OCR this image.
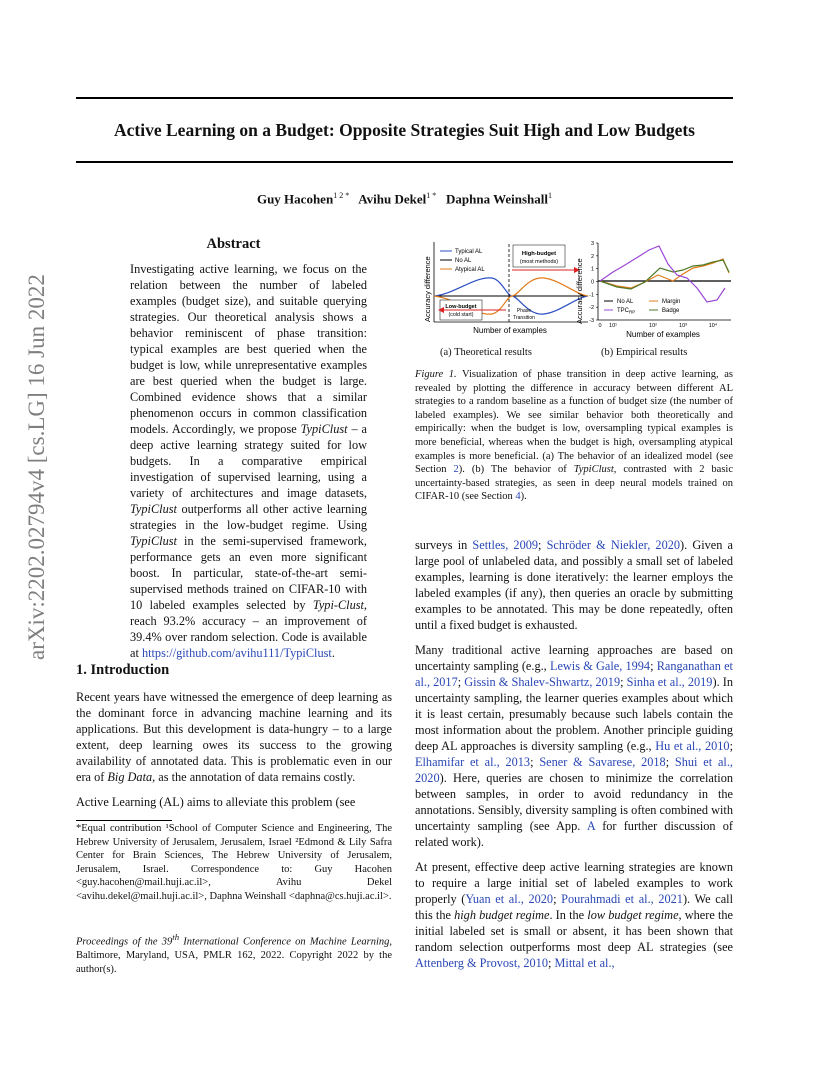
Active Learning on a Budget: Opposite Strategies Suit High and Low Budgets
Guy Hacohen$^{1 2 *}$ Avihu Dekel$^{1 *}$ Daphna Weinshall$^1$
arXiv:2202.02794v4 [cs.LG] 16 Jun 2022
Abstract

Investigating active learning, we focus on the relation between the number of labeled examples (budget size), and suitable querying strategies. Our theoretical analysis shows a behavior reminiscent of phase transition: typical examples are best queried when the budget is low, while unrepresentative examples are best queried when the budget is large. Combined evidence shows that a similar phenomenon occurs in common classification models. Accordingly, we propose TypiClust – a deep active learning strategy suited for low budgets. In a comparative empirical investigation of supervised learning, using a variety of architectures and image datasets, TypiClust outperforms all other active learning strategies in the low-budget regime. Using TypiClust in the semi-supervised framework, performance gets an even more significant boost. In particular, state-of-the-art semi-supervised methods trained on CIFAR-10 with 10 labeled examples selected by Typi-Clust, reach 93.2% accuracy – an improvement of 39.4% over random selection. Code is available at https://github.com/avihu111/TypiClust.

1. Introduction

Recent years have witnessed the emergence of deep learning as the dominant force in advancing machine learning and its applications. But this development is data-hungry – to a large extent, deep learning owes its success to the growing availability of annotated data. This is problematic even in our era of Big Data, as the annotation of data remains costly.

Active Learning (AL) aims to alleviate this problem (see

*Equal contribution ¹School of Computer Science and Engineering, The Hebrew University of Jerusalem, Jerusalem, Israel ²Edmond & Lily Safra Center for Brain Sciences, The Hebrew University of Jerusalem, Jerusalem, Israel. Correspondence to: Guy Hacohen <guy.hacohen@mail.huji.ac.il>, Avihu Dekel <avihu.dekel@mail.huji.ac.il>, Daphna Weinshall <daphna@cs.huji.ac.il>.
Proceedings of the 39th International Conference on Machine Learning, Baltimore, Maryland, USA, PMLR 162, 2022. Copyright 2022 by the author(s).
Accuracy difference
Typical AL
No AL
Atypical AL
High-budget
(most methods)
Low-budget
(cold start)
Phase
Transition
Number of examples
Accuracy difference -3
-2
-1
0
1
2
3
0 10¹	10²	10³	10⁴
No AL
$TPC_{RP}$
Margin
Badge
Number of examples
(a) Theoretical results	(b) Empirical results
Figure 1. Visualization of phase transition in deep active learning, as revealed by plotting the difference in accuracy between different AL strategies to a random baseline as a function of budget size (the number of labeled examples). We see similar behavior both theoretically and empirically: when the budget is low, oversampling typical examples is more beneficial, whereas when the budget is high, oversampling atypical examples is more beneficial. (a) The behavior of an idealized model (see Section 2). (b) The behavior of TypiClust, contrasted with 2 basic uncertainty-based strategies, as seen in deep neural models trained on CIFAR-10 (see Section 4).

surveys in Settles, 2009; Schröder & Niekler, 2020). Given a large pool of unlabeled data, and possibly a small set of labeled examples, learning is done iteratively: the learner employs the labeled examples (if any), then queries an oracle by submitting examples to be annotated. This may be done repeatedly, often until a fixed budget is exhausted.

Many traditional active learning approaches are based on uncertainty sampling (e.g., Lewis & Gale, 1994; Ranganathan et al., 2017; Gissin & Shalev-Shwartz, 2019; Sinha et al., 2019). In uncertainty sampling, the learner queries examples about which it is least certain, presumably because such labels contain the most information about the problem. Another principle guiding deep AL approaches is diversity sampling (e.g., Hu et al., 2010; Elhamifar et al., 2013; Sener & Savarese, 2018; Shui et al., 2020). Here, queries are chosen to minimize the correlation between samples, in order to avoid redundancy in the annotations. Sensibly, diversity sampling is often combined with uncertainty sampling (see App. A for further discussion of related work).

At present, effective deep active learning strategies are known to require a large initial set of labeled examples to work properly (Yuan et al., 2020; Pourahmadi et al., 2021). We call this the high budget regime. In the low budget regime, where the initial labeled set is small or absent, it has been shown that random selection outperforms most deep AL strategies (see Attenberg & Provost, 2010; Mittal et al.,
